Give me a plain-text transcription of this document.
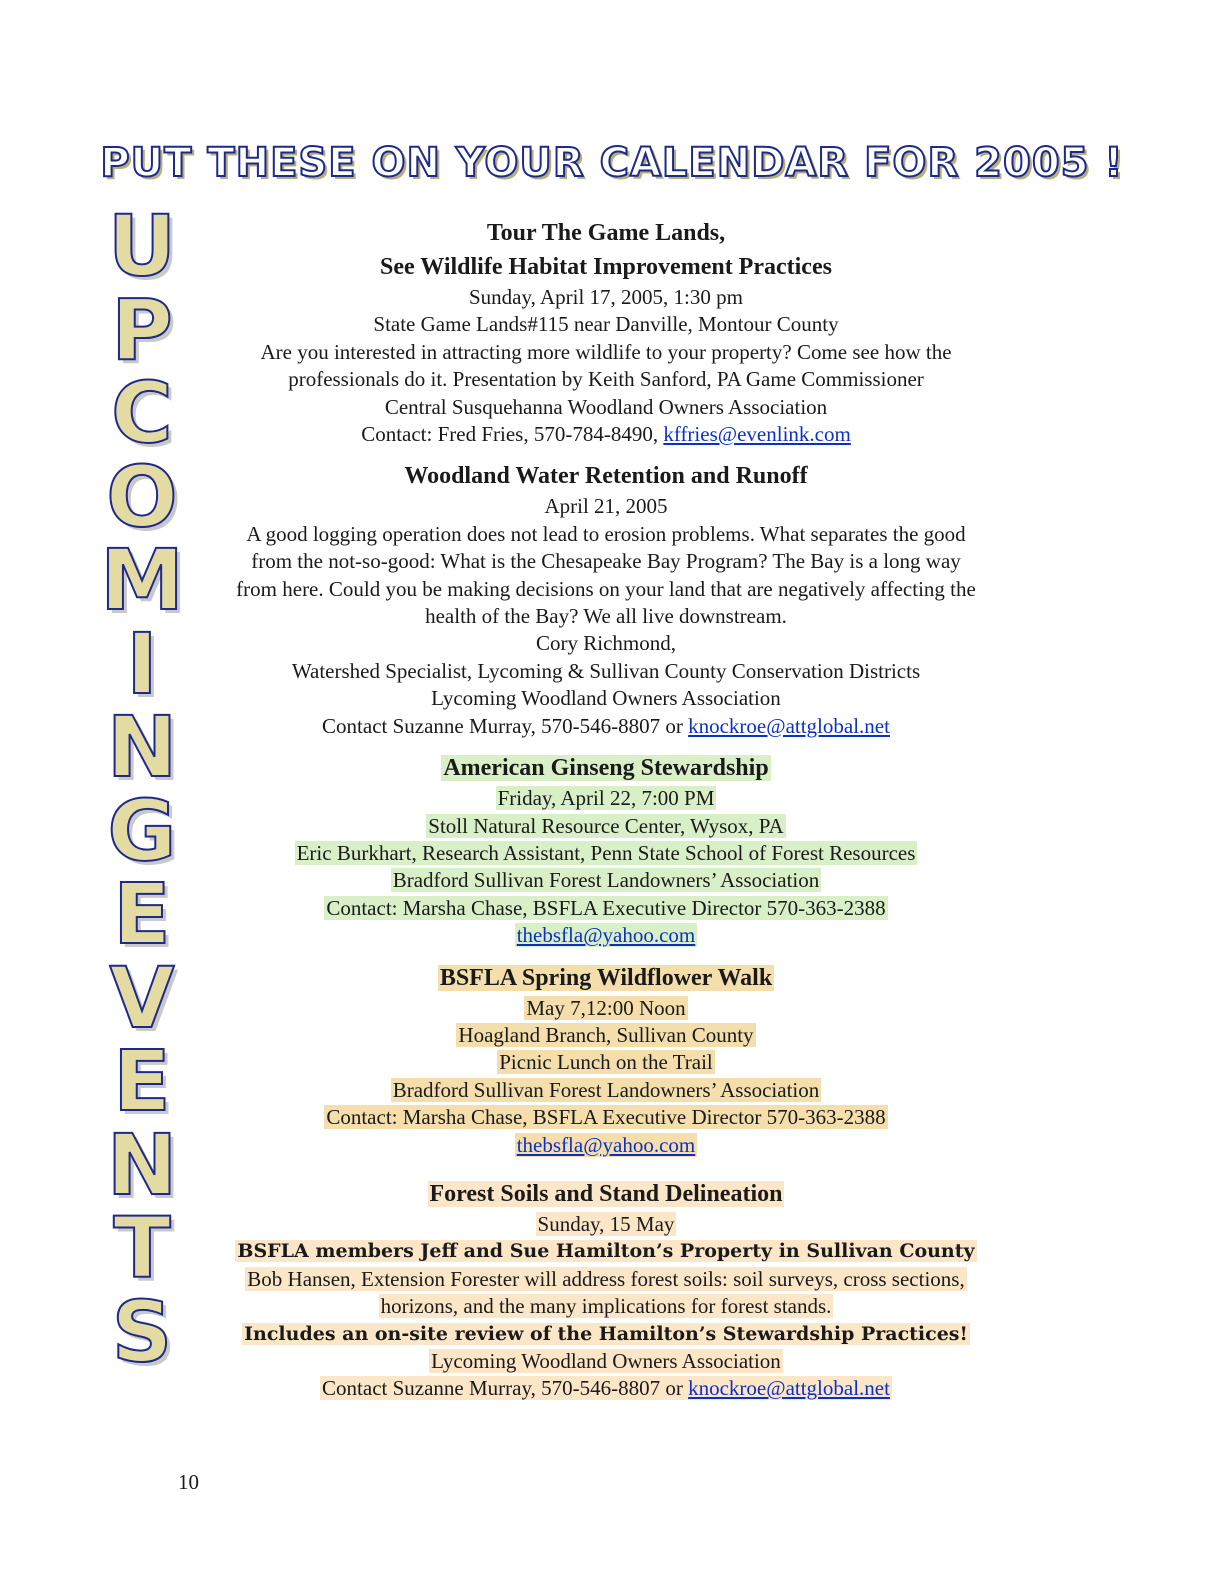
PUT THESE ON YOUR CALENDAR FOR 2005 !
U
P
C
O
M
I
N
G
E
V
E
N
T
S
Tour The Game Lands,
See Wildlife Habitat Improvement Practices
Sunday, April 17, 2005, 1:30 pm
State Game Lands#115 near Danville, Montour County
Are you interested in attracting more wildlife to your property? Come see how the
professionals do it. Presentation by Keith Sanford, PA Game Commissioner
Central Susquehanna Woodland Owners Association
Contact: Fred Fries, 570-784-8490, kffries@evenlink.com
Woodland Water Retention and Runoff
April 21, 2005
A good logging operation does not lead to erosion problems. What separates the good
from the not-so-good: What is the Chesapeake Bay Program? The Bay is a long way
from here. Could you be making decisions on your land that are negatively affecting the
health of the Bay? We all live downstream.
Cory Richmond,
Watershed Specialist, Lycoming & Sullivan County Conservation Districts
Lycoming Woodland Owners Association
Contact Suzanne Murray, 570-546-8807 or knockroe@attglobal.net
American Ginseng Stewardship
Friday, April 22, 7:00 PM
Stoll Natural Resource Center, Wysox, PA
Eric Burkhart, Research Assistant, Penn State School of Forest Resources
Bradford Sullivan Forest Landowners’ Association
Contact: Marsha Chase, BSFLA Executive Director 570-363-2388
thebsfla@yahoo.com
BSFLA Spring Wildflower Walk
May 7,12:00 Noon
Hoagland Branch, Sullivan County
Picnic Lunch on the Trail
Bradford Sullivan Forest Landowners’ Association
Contact: Marsha Chase, BSFLA Executive Director 570-363-2388
thebsfla@yahoo.com
Forest Soils and Stand Delineation
Sunday, 15 May
BSFLA members Jeff and Sue Hamilton’s Property in Sullivan County
Bob Hansen, Extension Forester will address forest soils: soil surveys, cross sections,
horizons, and the many implications for forest stands.
Includes an on-site review of the Hamilton’s Stewardship Practices!
Lycoming Woodland Owners Association
Contact Suzanne Murray, 570-546-8807 or knockroe@attglobal.net
10
